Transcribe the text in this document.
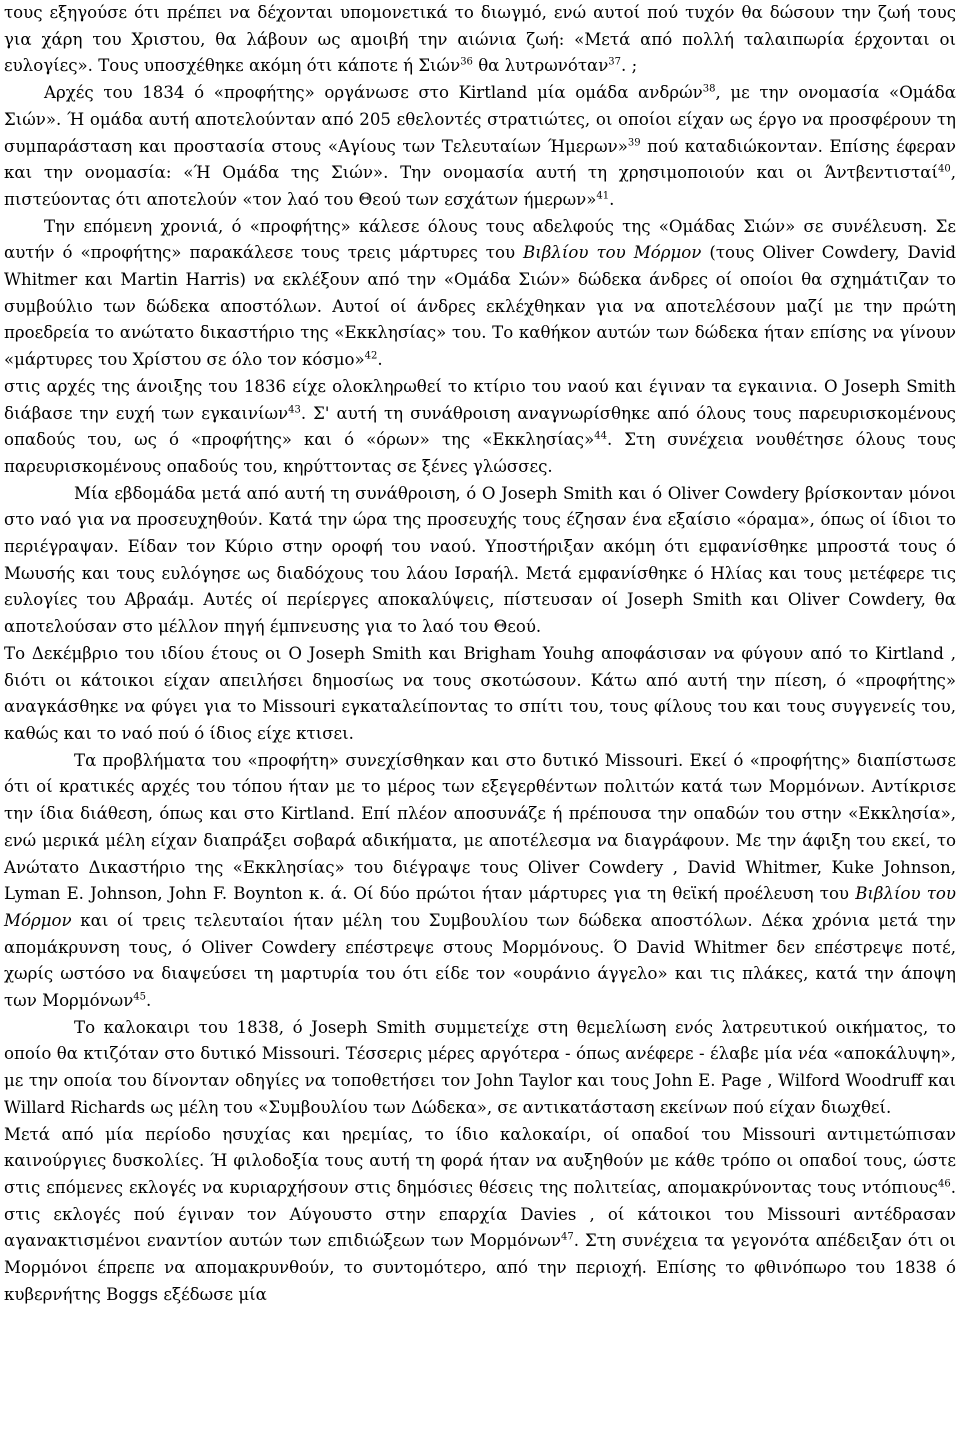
τους εξηγούσε ότι πρέπει να δέχονται υπομονετικά το διωγμό, ενώ αυτοί πού τυχόν θα δώσουν την ζωή τους για χάρη του Χριστου, θα λάβουν ως αμοιβή την αιώνια ζωή: «Μετά από πολλή ταλαιπωρία έρχονται οι ευλογίες». Τους υποσχέθηκε ακόμη ότι κάποτε ή Σιών$^{36}$ θα λυτρωνόταν$^{37}$. ;

Αρχές του 1834 ό «προφήτης» οργάνωσε στο Kirtland μία ομάδα ανδρών$^{38}$, με την ονομασία «Ομάδα Σιών». Ή ομάδα αυτή αποτελούνταν από 205 εθελοντές στρατιώτες, οι οποίοι είχαν ως έργο να προσφέρουν τη συμπαράσταση και προστασία στους «Αγίους των Τελευταίων Ήμερων»$^{39}$ πού καταδιώκονταν. Επίσης έφεραν και την ονομασία: «Ή Ομάδα της Σιών». Την ονομασία αυτή τη χρησιμοποιούν και οι Άντβεντισταί$^{40}$, πιστεύοντας ότι αποτελούν «τον λαό του Θεού των εσχάτων ήμερων»$^{41}$.

Την επόμενη χρονιά, ό «προφήτης» κάλεσε όλους τους αδελφούς της «Ομάδας Σιών» σε συνέλευση. Σε αυτήν ό «προφήτης» παρακάλεσε τους τρεις μάρτυρες του Βιβλίου του Μόρμον (τους Oliver Cowdery, David Whitmer και Martin Harris) να εκλέξουν από την «Ομάδα Σιών» δώδεκα άνδρες οί οποίοι θα σχημάτιζαν το συμβούλιο των δώδεκα αποστόλων. Αυτοί οί άνδρες εκλέχθηκαν για να αποτελέσουν μαζί με την πρώτη προεδρεία το ανώτατο δικαστήριο της «Εκκλησίας» του. Το καθήκον αυτών των δώδεκα ήταν επίσης να γίνουν «μάρτυρες του Χρίστου σε όλο τον κόσμο»$^{42}$.

στις αρχές της άνοιξης του 1836 είχε ολοκληρωθεί το κτίριο του ναού και έγιναν τα εγκαινια. Ο Joseph Smith διάβασε την ευχή των εγκαινίων$^{43}$. Σ' αυτή τη συνάθροιση αναγνωρίσθηκε από όλους τους παρευρισκομένους οπαδούς του, ως ό «προφήτης» και ό «όρων» της «Εκκλησίας»$^{44}$. Στη συνέχεια νουθέτησε όλους τους παρευρισκομένους οπαδούς του, κηρύττοντας σε ξένες γλώσσες.

Μία εβδομάδα μετά από αυτή τη συνάθροιση, ό O Joseph Smith και ό Oliver Cowdery βρίσκονταν μόνοι στο ναό για να προσευχηθούν. Κατά την ώρα της προσευχής τους έζησαν ένα εξαίσιο «όραμα», όπως οί ίδιοι το περιέγραψαν. Είδαν τον Κύριο στην οροφή του ναού. Υποστήριξαν ακόμη ότι εμφανίσθηκε μπροστά τους ό Μωυσής και τους ευλόγησε ως διαδόχους του λάου Ισραήλ. Μετά εμφανίσθηκε ό Ηλίας και τους μετέφερε τις ευλογίες του Αβραάμ. Αυτές οί περίεργες αποκαλύψεις, πίστευσαν οί Joseph Smith και Oliver Cowdery, θα αποτελούσαν στο μέλλον πηγή έμπνευσης για το λαό του Θεού.

Το Δεκέμβριο του ιδίου έτους οι O Joseph Smith και Brigham Youhg αποφάσισαν να φύγουν από το Kirtland , διότι οι κάτοικοι είχαν απειλήσει δημοσίως να τους σκοτώσουν. Κάτω από αυτή την πίεση, ό «προφήτης» αναγκάσθηκε να φύγει για το Missouri εγκαταλείποντας το σπίτι του, τους φίλους του και τους συγγενείς του, καθώς και το ναό πού ό ίδιος είχε κτισει.

Τα προβλήματα του «προφήτη» συνεχίσθηκαν και στο δυτικό Missouri. Εκεί ό «προφήτης» διαπίστωσε ότι οί κρατικές αρχές του τόπου ήταν με το μέρος των εξεγερθέντων πολιτών κατά των Μορμόνων. Αντίκρισε την ίδια διάθεση, όπως και στο Kirtland. Επί πλέον αποσυνάζε ή πρέπουσα την οπαδών του στην «Εκκλησία», ενώ μερικά μέλη είχαν διαπράξει σοβαρά αδικήματα, με αποτέλεσμα να διαγράφουν. Με την άφιξη του εκεί, το Ανώτατο Δικαστήριο της «Εκκλησίας» του διέγραψε τους Oliver Cowdery , David Whitmer, Kuke Johnson, Lyman E. Johnson, John F. Boynton κ. ά. Οί δύο πρώτοι ήταν μάρτυρες για τη θεϊκή προέλευση του Βιβλίου του Μόρμον και οί τρεις τελευταίοι ήταν μέλη του Συμβουλίου των δώδεκα αποστόλων. Δέκα χρόνια μετά την απομάκρυνση τους, ό Oliver Cowdery επέστρεψε στους Μορμόνους. Ό David Whitmer δεν επέστρεψε ποτέ, χωρίς ωστόσο να διαψεύσει τη μαρτυρία του ότι είδε τον «ουράνιο άγγελο» και τις πλάκες, κατά την άποψη των Μορμόνων$^{45}$.

Το καλοκαιρι του 1838, ό Joseph Smith συμμετείχε στη θεμελίωση ενός λατρευτικού οικήματος, το οποίο θα κτιζόταν στο δυτικό Missouri. Τέσσερις μέρες αργότερα - όπως ανέφερε - έλαβε μία νέα «αποκάλυψη», με την οποία του δίνονταν οδηγίες να τοποθετήσει τον John Taylor και τους John E. Page , Wilford Woodruff και Willard Richards ως μέλη του «Συμβουλίου των Δώδεκα», σε αντικατάσταση εκείνων πού είχαν διωχθεί.

Μετά από μία περίοδο ησυχίας και ηρεμίας, το ίδιο καλοκαίρι, οί οπαδοί του Missouri αντιμετώπισαν καινούργιες δυσκολίες. Ή φιλοδοξία τους αυτή τη φορά ήταν να αυξηθούν με κάθε τρόπο οι οπαδοί τους, ώστε στις επόμενες εκλογές να κυριαρχήσουν στις δημόσιες θέσεις της πολιτείας, απομακρύνοντας τους ντόπιους$^{46}$. στις εκλογές πού έγιναν τον Αύγουστο στην επαρχία Davies , οί κάτοικοι του Missouri αντέδρασαν αγανακτισμένοι εναντίον αυτών των επιδιώξεων των Μορμόνων$^{47}$. Στη συνέχεια τα γεγονότα απέδειξαν ότι οι Μορμόνοι έπρεπε να απομακρυνθούν, το συντομότερο, από την περιοχή. Επίσης το φθινόπωρο του 1838 ό κυβερνήτης Boggs εξέδωσε μία
